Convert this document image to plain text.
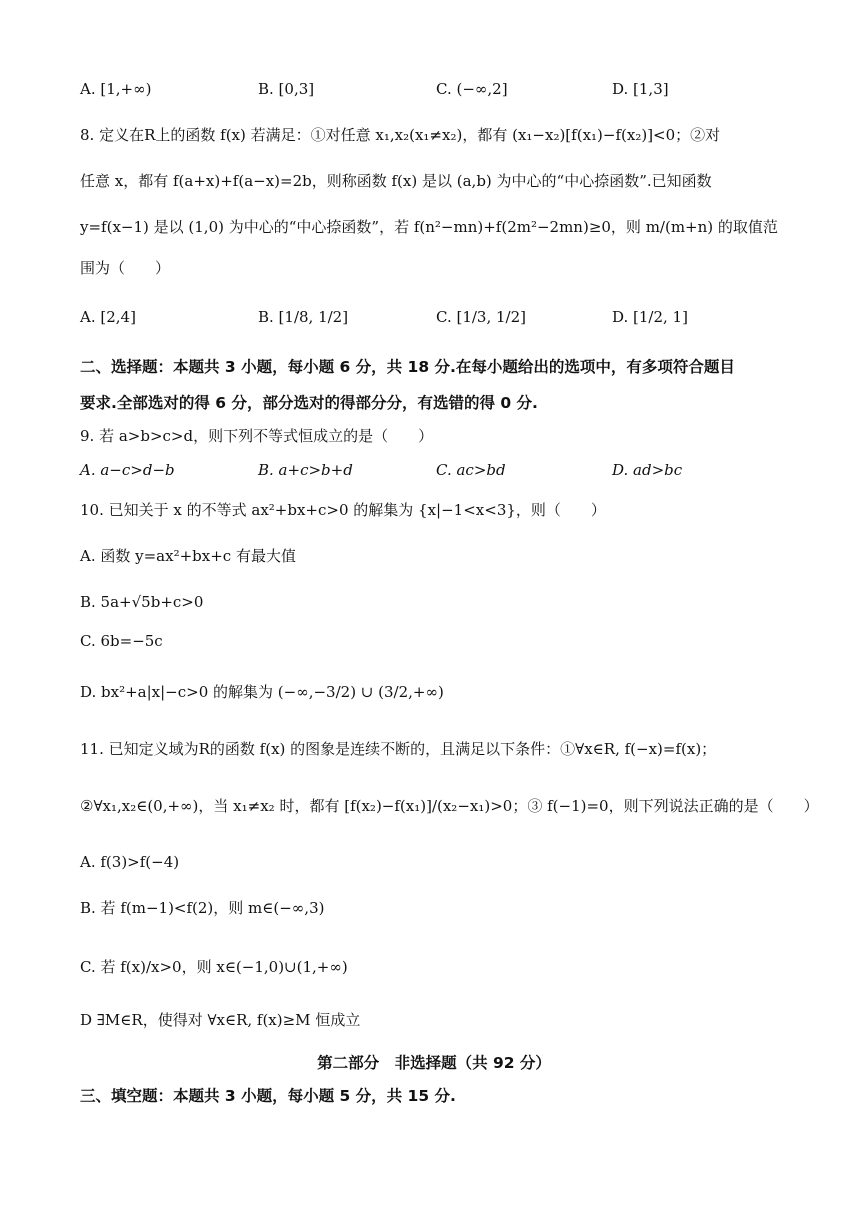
A. [1,+∞)	B. [0,3]	C. (−∞,2]	D. [1,3]
8. 定义在R上的函数 f(x) 若满足：①对任意 x₁,x₂(x₁≠x₂)，都有 (x₁−x₂)[f(x₁)−f(x₂)]<0；②对
任意 x，都有 f(a+x)+f(a−x)=2b，则称函数 f(x) 是以 (a,b) 为中心的“中心捺函数”.已知函数
y=f(x−1) 是以 (1,0) 为中心的“中心捺函数”，若 f(n²−mn)+f(2m²−2mn)≥0，则 m/(m+n) 的取值范
围为（　　）
A. [2,4]	B. [1/8, 1/2]	C. [1/3, 1/2]	D. [1/2, 1]
二、选择题：本题共 3 小题，每小题 6 分，共 18 分.在每小题给出的选项中，有多项符合题目
要求.全部选对的得 6 分，部分选对的得部分分，有选错的得 0 分.
9. 若 a>b>c>d，则下列不等式恒成立的是（　　）
A. a−c>d−b	B. a+c>b+d	C. ac>bd	D. ad>bc
10. 已知关于 x 的不等式 ax²+bx+c>0 的解集为 {x|−1<x<3}，则（　　）
A. 函数 y=ax²+bx+c 有最大值
B. 5a+√5b+c>0
C. 6b=−5c
D. bx²+a|x|−c>0 的解集为 (−∞,−3/2) ∪ (3/2,+∞)
11. 已知定义域为R的函数 f(x) 的图象是连续不断的，且满足以下条件：①∀x∈R, f(−x)=f(x)；
②∀x₁,x₂∈(0,+∞)，当 x₁≠x₂ 时，都有 [f(x₂)−f(x₁)]/(x₂−x₁)>0；③ f(−1)=0，则下列说法正确的是（　　）
A. f(3)>f(−4)
B. 若 f(m−1)<f(2)，则 m∈(−∞,3)
C. 若 f(x)/x>0，则 x∈(−1,0)∪(1,+∞)
D ∃M∈R，使得对 ∀x∈R, f(x)≥M 恒成立
第二部分　非选择题（共 92 分）
三、填空题：本题共 3 小题，每小题 5 分，共 15 分.
